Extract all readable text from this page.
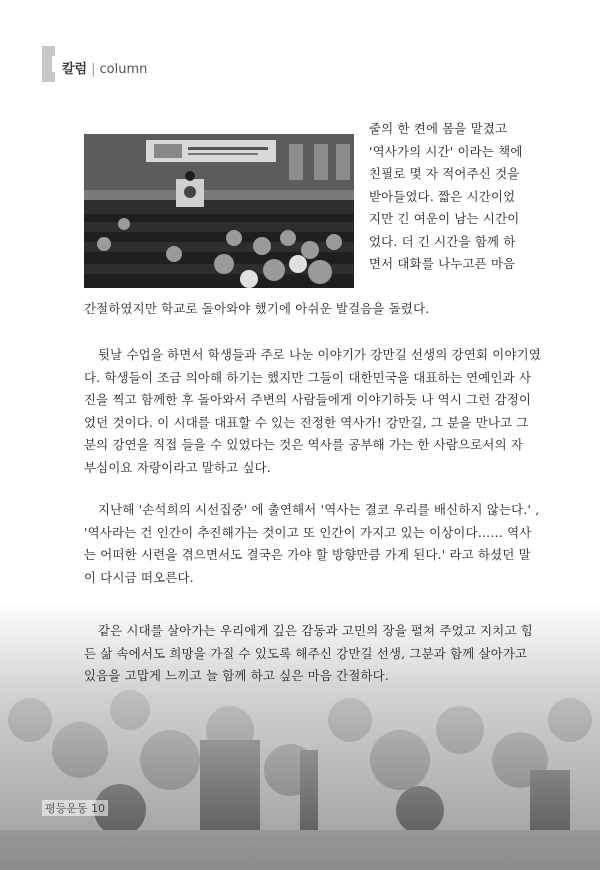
칼럼 | column
줄의 한 켠에 몸을 맡겼고
'역사가의 시간' 이라는 책에
친필로 몇 자 적어주신 것을
받아들었다. 짧은 시간이었
지만 긴 여운이 남는 시간이
었다. 더 긴 시간을 함께 하
면서 대화를 나누고픈 마음
간절하였지만 학교로 돌아와야 했기에 아쉬운 발걸음을 돌렸다.
뒷날 수업을 하면서 학생들과 주로 나눈 이야기가 강만길 선생의 강연회 이야기였
다. 학생들이 조금 의아해 하기는 했지만 그들이 대한민국을 대표하는 연예인과 사
진을 찍고 함께한 후 돌아와서 주변의 사람들에게 이야기하듯 나 역시 그런 감정이
었던 것이다. 이 시대를 대표할 수 있는 진정한 역사가! 강만길, 그 분을 만나고 그
분의 강연을 직접 들을 수 있었다는 것은 역사를 공부해 가는 한 사람으로서의 자
부심이요 자랑이라고 말하고 싶다.
지난해 '손석희의 시선집중' 에 출연해서 '역사는 결코 우리를 배신하지 않는다.' ,
'역사라는 건 인간이 추진해가는 것이고 또 인간이 가지고 있는 이상이다…… 역사
는 어떠한 시련을 겪으면서도 결국은 가야 할 방향만큼 가게 된다.' 라고 하셨던 말
이 다시금 떠오른다.
같은 시대를 살아가는 우리에게 깊은 감동과 고민의 장을 펼쳐 주었고 지치고 힘
든 삶 속에서도 희망을 가질 수 있도록 해주신 강만길 선생, 그분과 함께 살아가고
있음을 고맙게 느끼고 늘 함께 하고 싶은 마음 간절하다.
평등운동 10
